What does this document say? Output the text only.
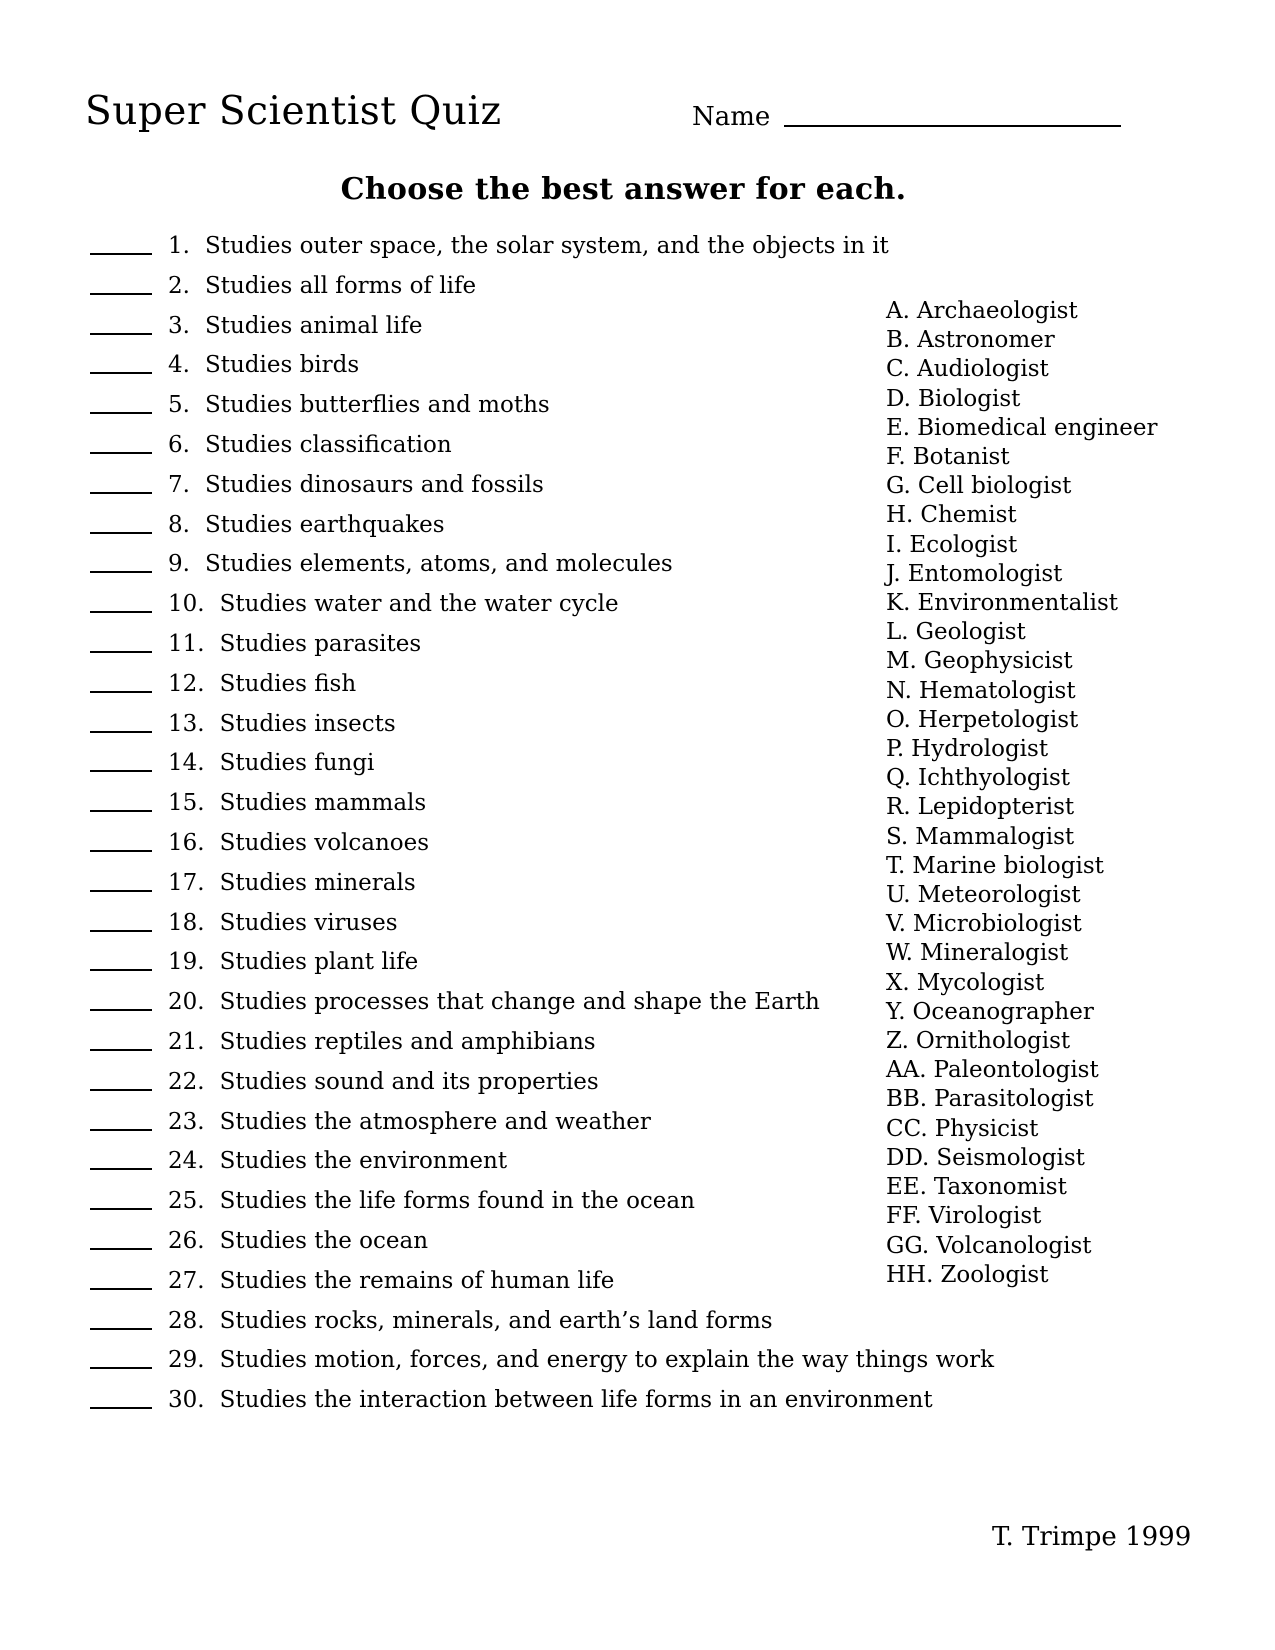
Super Scientist Quiz	Name
Choose the best answer for each.
1. Studies outer space, the solar system, and the objects in it
2. Studies all forms of life
3. Studies animal life
4. Studies birds
5. Studies butterflies and moths
6. Studies classification
7. Studies dinosaurs and fossils
8. Studies earthquakes
9. Studies elements, atoms, and molecules
10. Studies water and the water cycle
11. Studies parasites
12. Studies fish
13. Studies insects
14. Studies fungi
15. Studies mammals
16. Studies volcanoes
17. Studies minerals
18. Studies viruses
19. Studies plant life
20. Studies processes that change and shape the Earth
21. Studies reptiles and amphibians
22. Studies sound and its properties
23. Studies the atmosphere and weather
24. Studies the environment
25. Studies the life forms found in the ocean
26. Studies the ocean
27. Studies the remains of human life
28. Studies rocks, minerals, and earth’s land forms
29. Studies motion, forces, and energy to explain the way things work
30. Studies the interaction between life forms in an environment
A. Archaeologist
B. Astronomer
C. Audiologist
D. Biologist
E. Biomedical engineer
F. Botanist
G. Cell biologist
H. Chemist
I. Ecologist
J. Entomologist
K. Environmentalist
L. Geologist
M. Geophysicist
N. Hematologist
O. Herpetologist
P. Hydrologist
Q. Ichthyologist
R. Lepidopterist
S. Mammalogist
T. Marine biologist
U. Meteorologist
V. Microbiologist
W. Mineralogist
X. Mycologist
Y. Oceanographer
Z. Ornithologist
AA. Paleontologist
BB. Parasitologist
CC. Physicist
DD. Seismologist
EE. Taxonomist
FF. Virologist
GG. Volcanologist
HH. Zoologist
T. Trimpe 1999
